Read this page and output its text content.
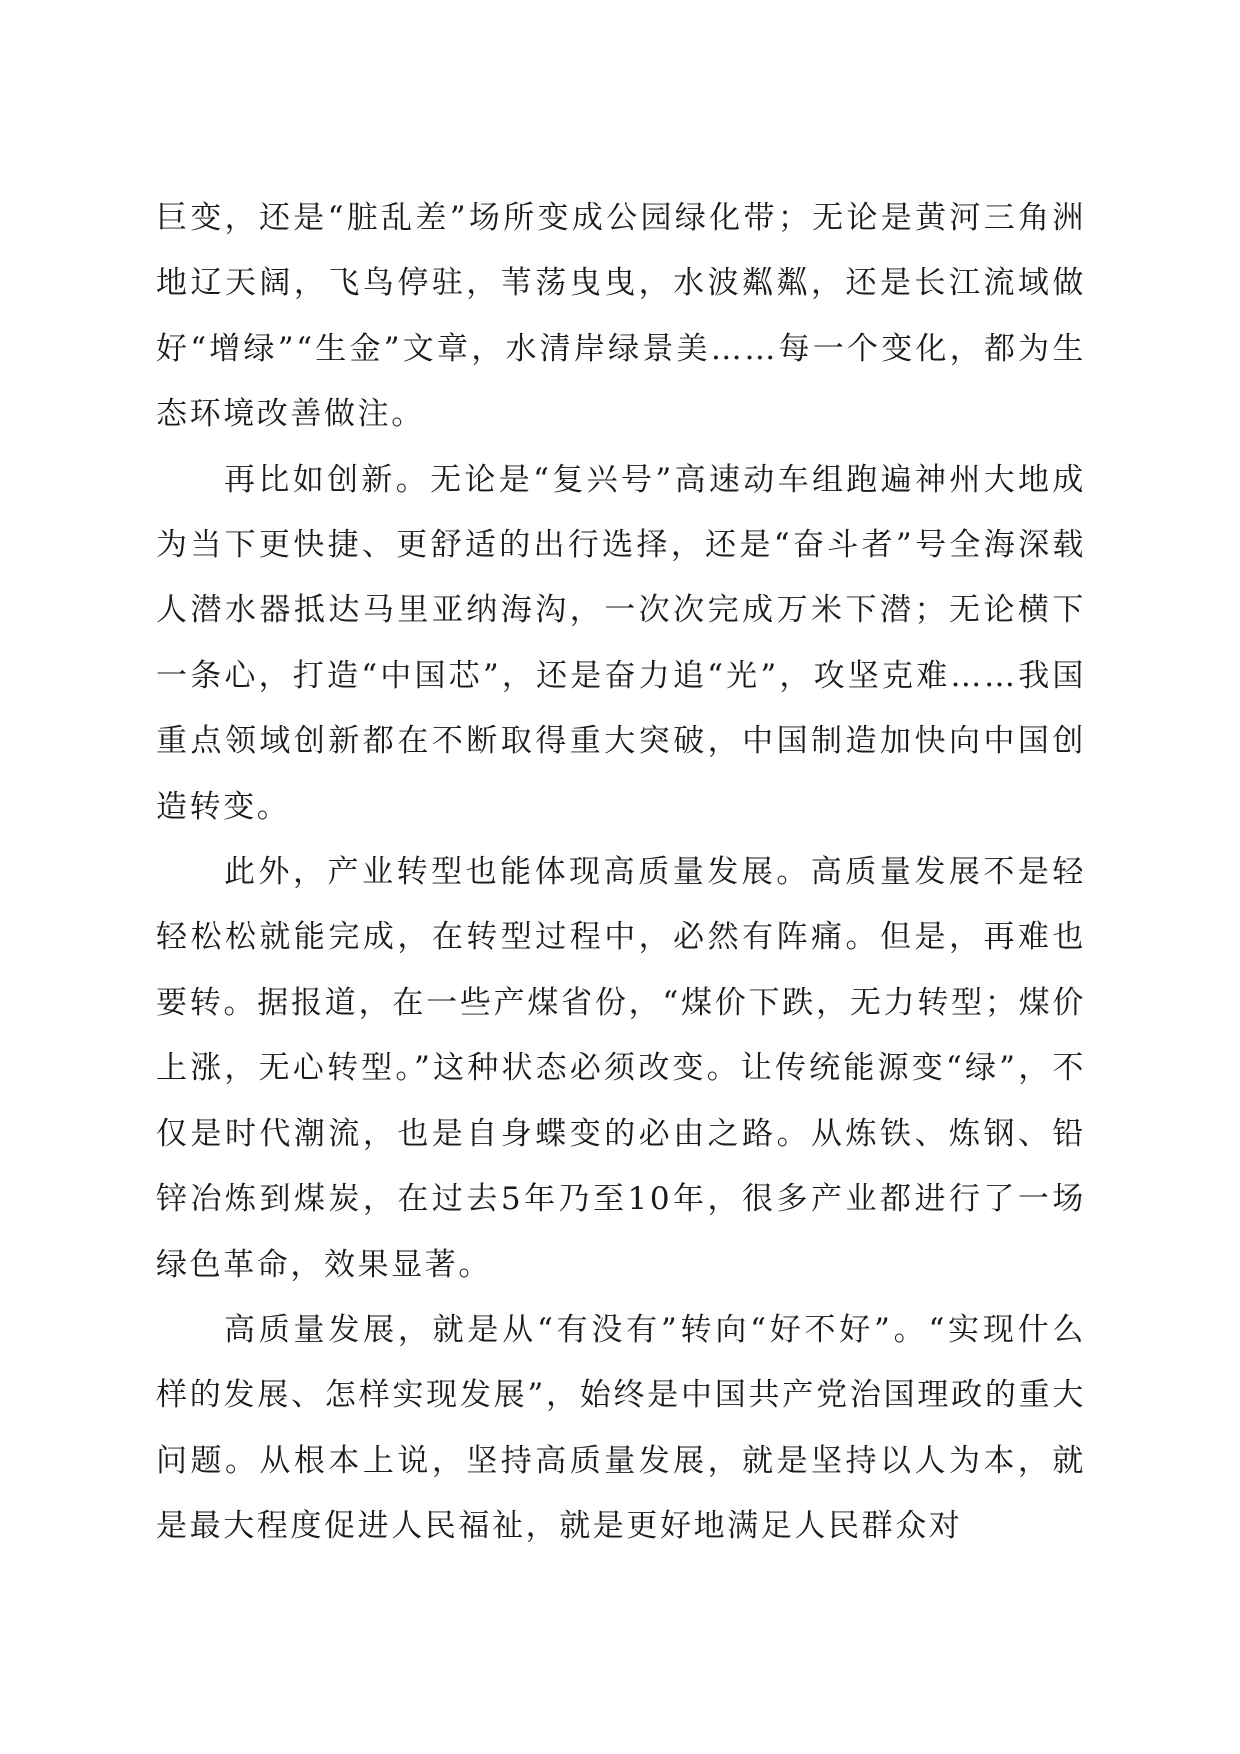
巨变，还是“脏乱差”场所变成公园绿化带；无论是黄河三角洲地辽天阔，飞鸟停驻，苇荡曳曳，水波粼粼，还是长江流域做好“增绿”“生金”文章，水清岸绿景美……每一个变化，都为生态环境改善做注。

再比如创新。无论是“复兴号”高速动车组跑遍神州大地成为当下更快捷、更舒适的出行选择，还是“奋斗者”号全海深载人潜水器抵达马里亚纳海沟，一次次完成万米下潜；无论横下一条心，打造“中国芯”，还是奋力追“光”，攻坚克难……我国重点领域创新都在不断取得重大突破，中国制造加快向中国创造转变。

此外，产业转型也能体现高质量发展。高质量发展不是轻轻松松就能完成，在转型过程中，必然有阵痛。但是，再难也要转。据报道，在一些产煤省份，“煤价下跌，无力转型；煤价上涨，无心转型。”这种状态必须改变。让传统能源变“绿”，不仅是时代潮流，也是自身蝶变的必由之路。从炼铁、炼钢、铅锌冶炼到煤炭，在过去5年乃至10年，很多产业都进行了一场绿色革命，效果显著。

高质量发展，就是从“有没有”转向“好不好”。“实现什么样的发展、怎样实现发展”，始终是中国共产党治国理政的重大问题。从根本上说，坚持高质量发展，就是坚持以人为本，就是最大程度促进人民福祉，就是更好地满足人民群众对
